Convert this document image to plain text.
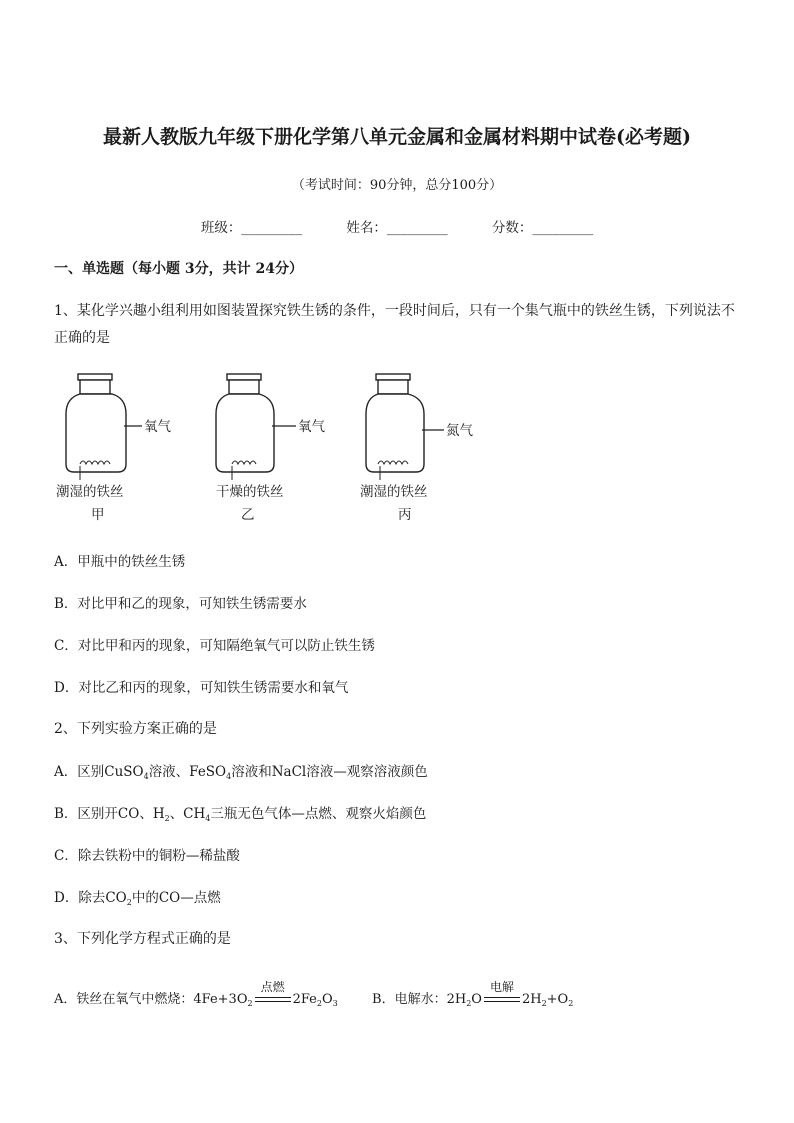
最新人教版九年级下册化学第八单元金属和金属材料期中试卷(必考题)
（考试时间：90分钟，总分100分）
班级：_________	姓名：_________	分数：_________
一、单选题（每小题 3分，共计 24分）
1、某化学兴趣小组利用如图装置探究铁生锈的条件，一段时间后，只有一个集气瓶中的铁丝生锈，下列说法不正确的是
氧气
潮湿的铁丝
甲
氧气
干燥的铁丝
乙
氮气
潮湿的铁丝
丙
A．甲瓶中的铁丝生锈
B．对比甲和乙的现象，可知铁生锈需要水
C．对比甲和丙的现象，可知隔绝氧气可以防止铁生锈
D．对比乙和丙的现象，可知铁生锈需要水和氧气
2、下列实验方案正确的是
A．区别CuSO$_4$溶液、FeSO$_4$溶液和NaCl溶液—观察溶液颜色
B．区别开CO、$H_2$、$CH_4$三瓶无色气体—点燃、观察火焰颜色
C．除去铁粉中的铜粉—稀盐酸
D．除去$CO_2$中的CO—点燃
3、下列化学方程式正确的是
A．铁丝在氧气中燃烧：$4Fe+3O_2$
点燃
$2Fe_2O_3$	B．电解水：$2H_2O$
电解
$2H_2+O_2$
